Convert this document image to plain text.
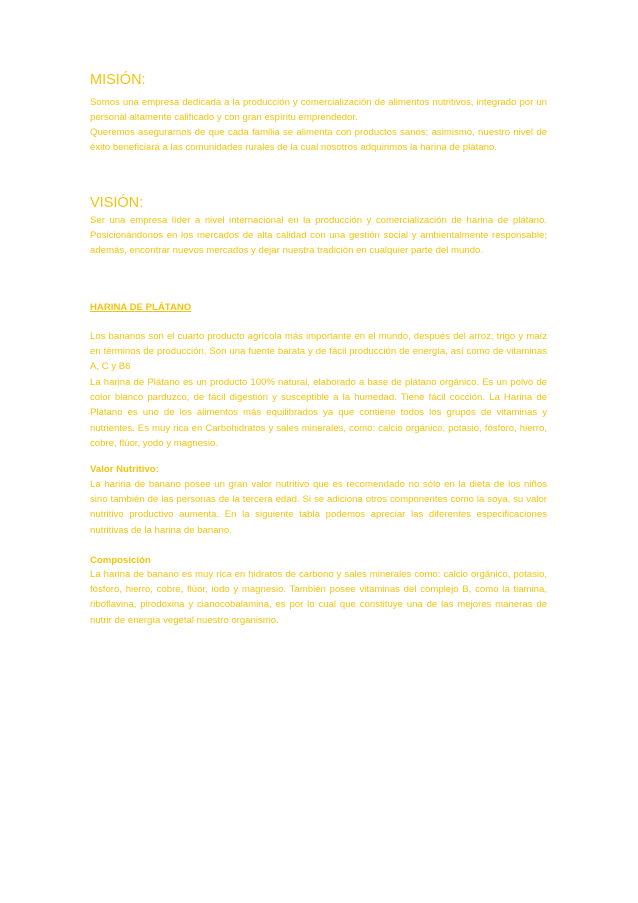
MISIÓN:

Somos una empresa dedicada a la producción y comercialización de alimentos nutritivos, integrado por un personal altamente calificado y con gran espíritu emprendedor.

Queremos asegurarnos de que cada familia se alimenta con productos sanos; asimismo, nuestro nivel de éxito beneficiará a las comunidades rurales de la cual nosotros adquirimos la harina de plátano.

VISIÓN:

Ser una empresa líder a nivel internacional en la producción y comercialización de harina de plátano. Posicionándonos en los mercados de alta calidad con una gestión social y ambientalmente responsable; además, encontrar nuevos mercados y dejar nuestra tradición en cualquier parte del mundo.

HARINA DE PLÁTANO

Los bananos son el cuarto producto agrícola más importante en el mundo, después del arroz, trigo y maíz en términos de producción. Son una fuente barata y de fácil producción de energía, así como de vitaminas A, C y B6

La harina de Plátano es un producto 100% natural, elaborado a base de plátano orgánico. Es un polvo de color blanco parduzco, de fácil digestión y susceptible a la humedad. Tiene fácil cocción. La Harina de Plátano es uno de los alimentos más equilibrados ya que contiene todos los grupos de vitaminas y nutrientes. Es muy rica en Carbohidratos y sales minerales, como: calcio orgánico, potasio, fósforo, hierro, cobre, flúor, yodo y magnesio.

Valor Nutritivo:

La harina de banano posee un gran valor nutritivo que es recomendado no sólo en la dieta de los niños sino también de las personas de la tercera edad. Si se adiciona otros componentes como la soya, su valor nutritivo productivo aumenta. En la siguiente tabla podemos apreciar las diferentes especificaciones nutritivas de la harina de banano.

Composición

La harina de banano es muy rica en hidratos de carbono y sales minerales como: calcio orgánico, potasio, fósforo, hierro, cobre, flúor, iodo y magnesio. También posee vitaminas del complejo B, como la tiamina, riboflavina, pirodoxina y cianocobalamina, es por lo cual que constituye una de las mejores maneras de nutrir de energía vegetal nuestro organismo.
